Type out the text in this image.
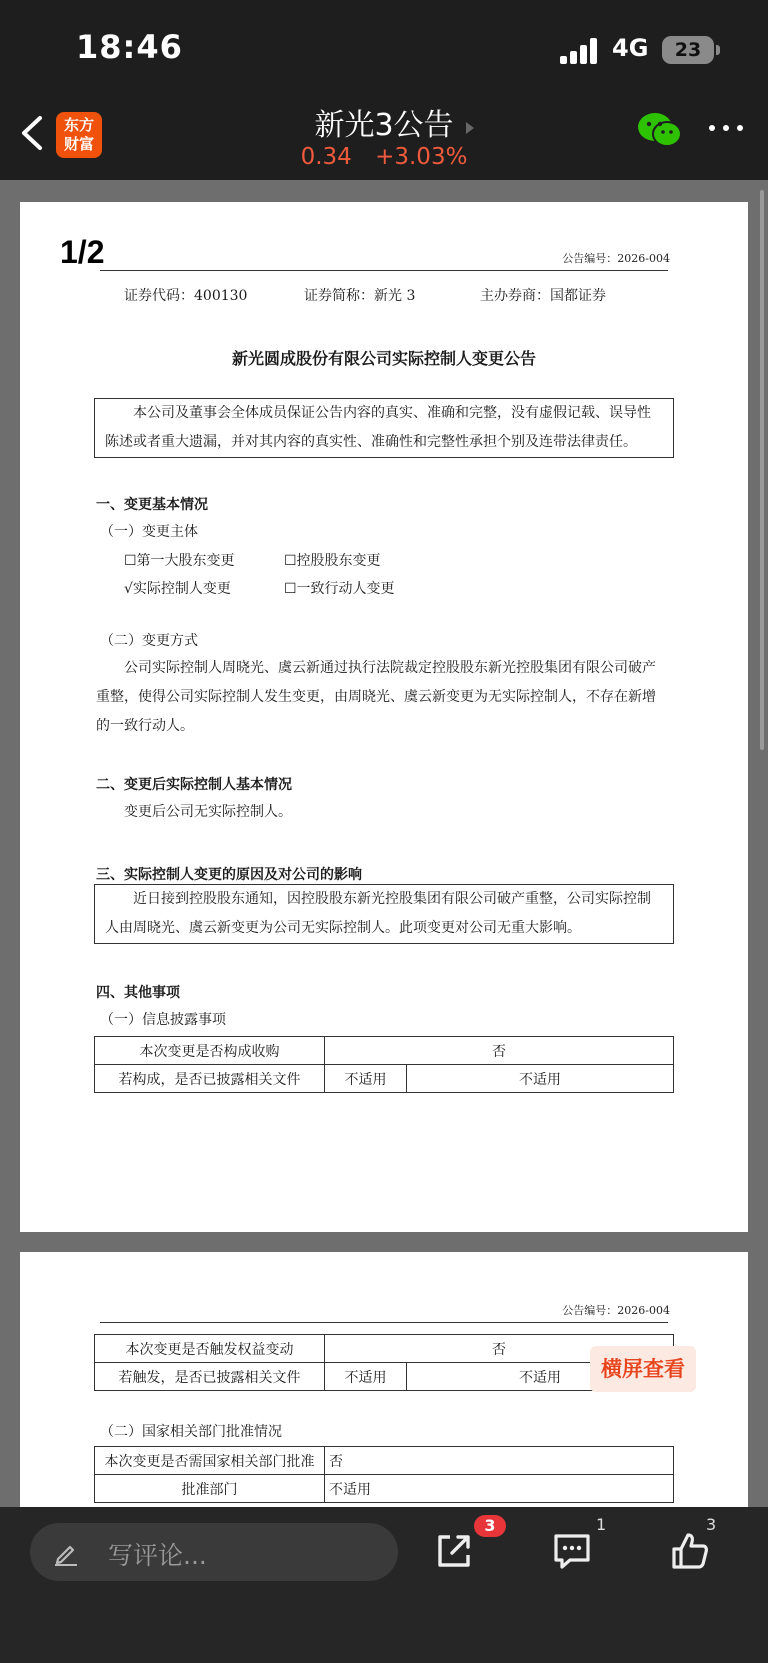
18:46	4G	23
东方
财富
新光3公告
0.34 +3.03%
1/2	公告编号：2026-004
证券代码：400130	证券简称：新光 3	主办券商：国都证券
新光圆成股份有限公司实际控制人变更公告
本公司及董事会全体成员保证公告内容的真实、准确和完整，没有虚假记载、误导性陈述或者重大遗漏，并对其内容的真实性、准确性和完整性承担个别及连带法律责任。
一、变更基本情况
（一）变更主体
☐第一大股东变更	☐控股股东变更
√实际控制人变更	☐一致行动人变更
（二）变更方式
公司实际控制人周晓光、虞云新通过执行法院裁定控股股东新光控股集团有限公司破产重整，使得公司实际控制人发生变更，由周晓光、虞云新变更为无实际控制人，不存在新增的一致行动人。
二、变更后实际控制人基本情况
变更后公司无实际控制人。
三、实际控制人变更的原因及对公司的影响
近日接到控股股东通知，因控股股东新光控股集团有限公司破产重整，公司实际控制人由周晓光、虞云新变更为公司无实际控制人。此项变更对公司无重大影响。
四、其他事项
（一）信息披露事项
本次变更是否构成收购	否	
若构成，是否已披露相关文件	不适用	不适用
公告编号：2026-004
本次变更是否触发权益变动	否	
若触发，是否已披露相关文件	不适用	不适用
（二）国家相关部门批准情况
本次变更是否需国家相关部门批准	否
批准部门	不适用
横屏查看
写评论...
3	1	3
